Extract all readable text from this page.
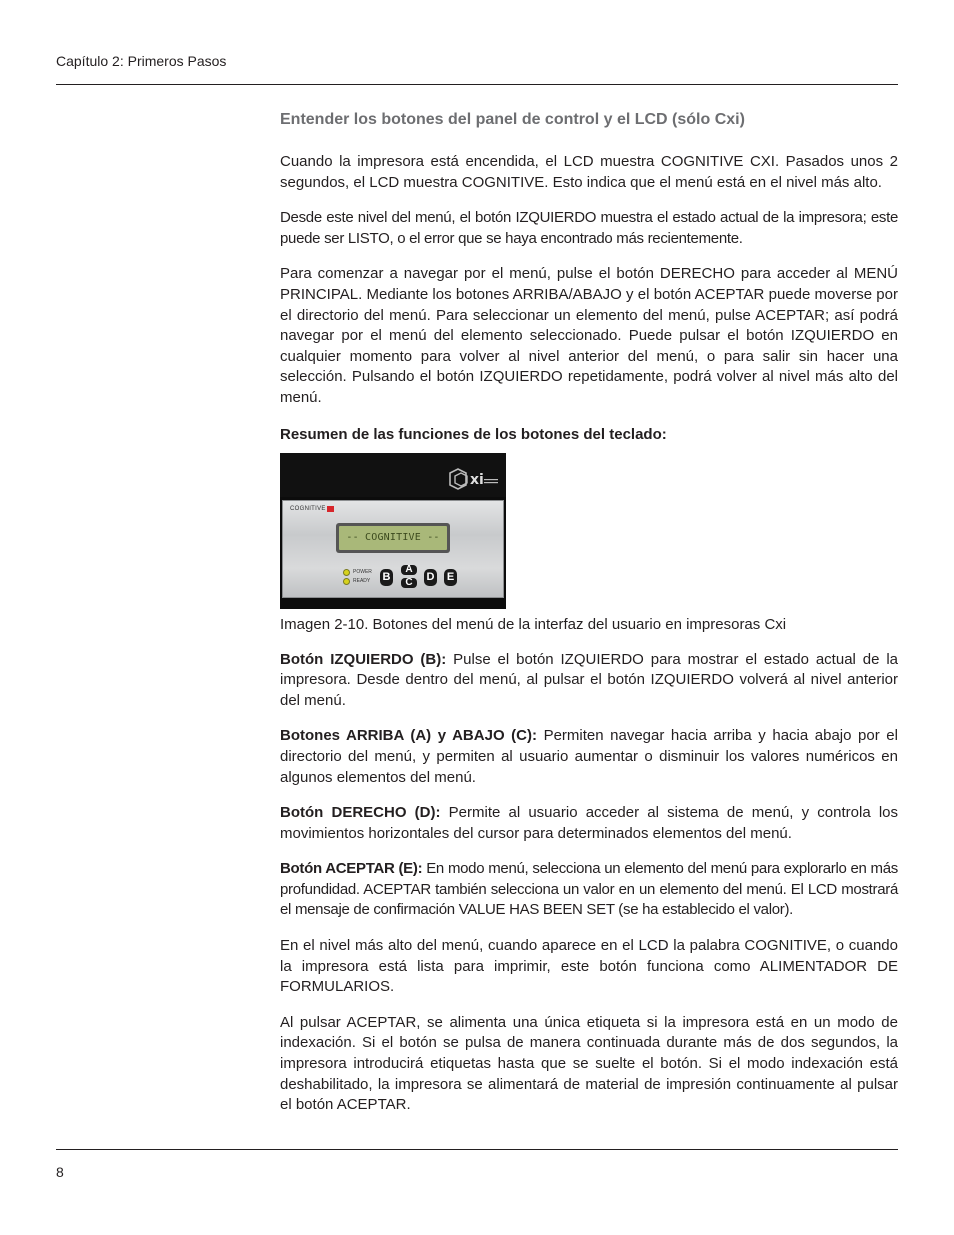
Capítulo 2: Primeros Pasos
Entender los botones del panel de control y el LCD (sólo Cxi)

Cuando la impresora está encendida, el LCD muestra COGNITIVE CXI. Pasados unos 2 segundos, el LCD muestra COGNITIVE. Esto indica que el menú está en el nivel más alto.

Desde este nivel del menú, el botón IZQUIERDO muestra el estado actual de la impresora; este puede ser LISTO, o el error que se haya encontrado más recientemente.

Para comenzar a navegar por el menú, pulse el botón DERECHO para acceder al MENÚ PRINCIPAL. Mediante los botones ARRIBA/ABAJO y el botón ACEPTAR puede moverse por el directorio del menú. Para seleccionar un elemento del menú, pulse ACEPTAR; así podrá navegar por el menú del elemento seleccionado. Puede pulsar el botón IZQUIERDO en cualquier momento para volver al nivel anterior del menú, o para salir sin hacer una selección. Pulsando el botón IZQUIERDO repetidamente, podrá volver al nivel más alto del menú.

Resumen de las funciones de los botones del teclado:
xi
COGNITIVE
-- COGNITIVE --
POWER
READY B
A
C	D E
Imagen 2-10. Botones del menú de la interfaz del usuario en impresoras Cxi

Botón IZQUIERDO (B): Pulse el botón IZQUIERDO para mostrar el estado actual de la impresora. Desde dentro del menú, al pulsar el botón IZQUIERDO volverá al nivel anterior del menú.

Botones ARRIBA (A) y ABAJO (C): Permiten navegar hacia arriba y hacia abajo por el directorio del menú, y permiten al usuario aumentar o disminuir los valores numéricos en algunos elementos del menú.

Botón DERECHO (D): Permite al usuario acceder al sistema de menú, y controla los movimientos horizontales del cursor para determinados elementos del menú.

Botón ACEPTAR (E): En modo menú, selecciona un elemento del menú para explorarlo en más profundidad. ACEPTAR también selecciona un valor en un elemento del menú. El LCD mostrará el mensaje de confirmación VALUE HAS BEEN SET (se ha establecido el valor).

En el nivel más alto del menú, cuando aparece en el LCD la palabra COGNITIVE, o cuando la impresora está lista para imprimir, este botón funciona como ALIMENTADOR DE FORMULARIOS.

Al pulsar ACEPTAR, se alimenta una única etiqueta si la impresora está en un modo de indexación. Si el botón se pulsa de manera continuada durante más de dos segundos, la impresora introducirá etiquetas hasta que se suelte el botón. Si el modo indexación está deshabilitado, la impresora se alimentará de material de impresión continuamente al pulsar el botón ACEPTAR.

8
